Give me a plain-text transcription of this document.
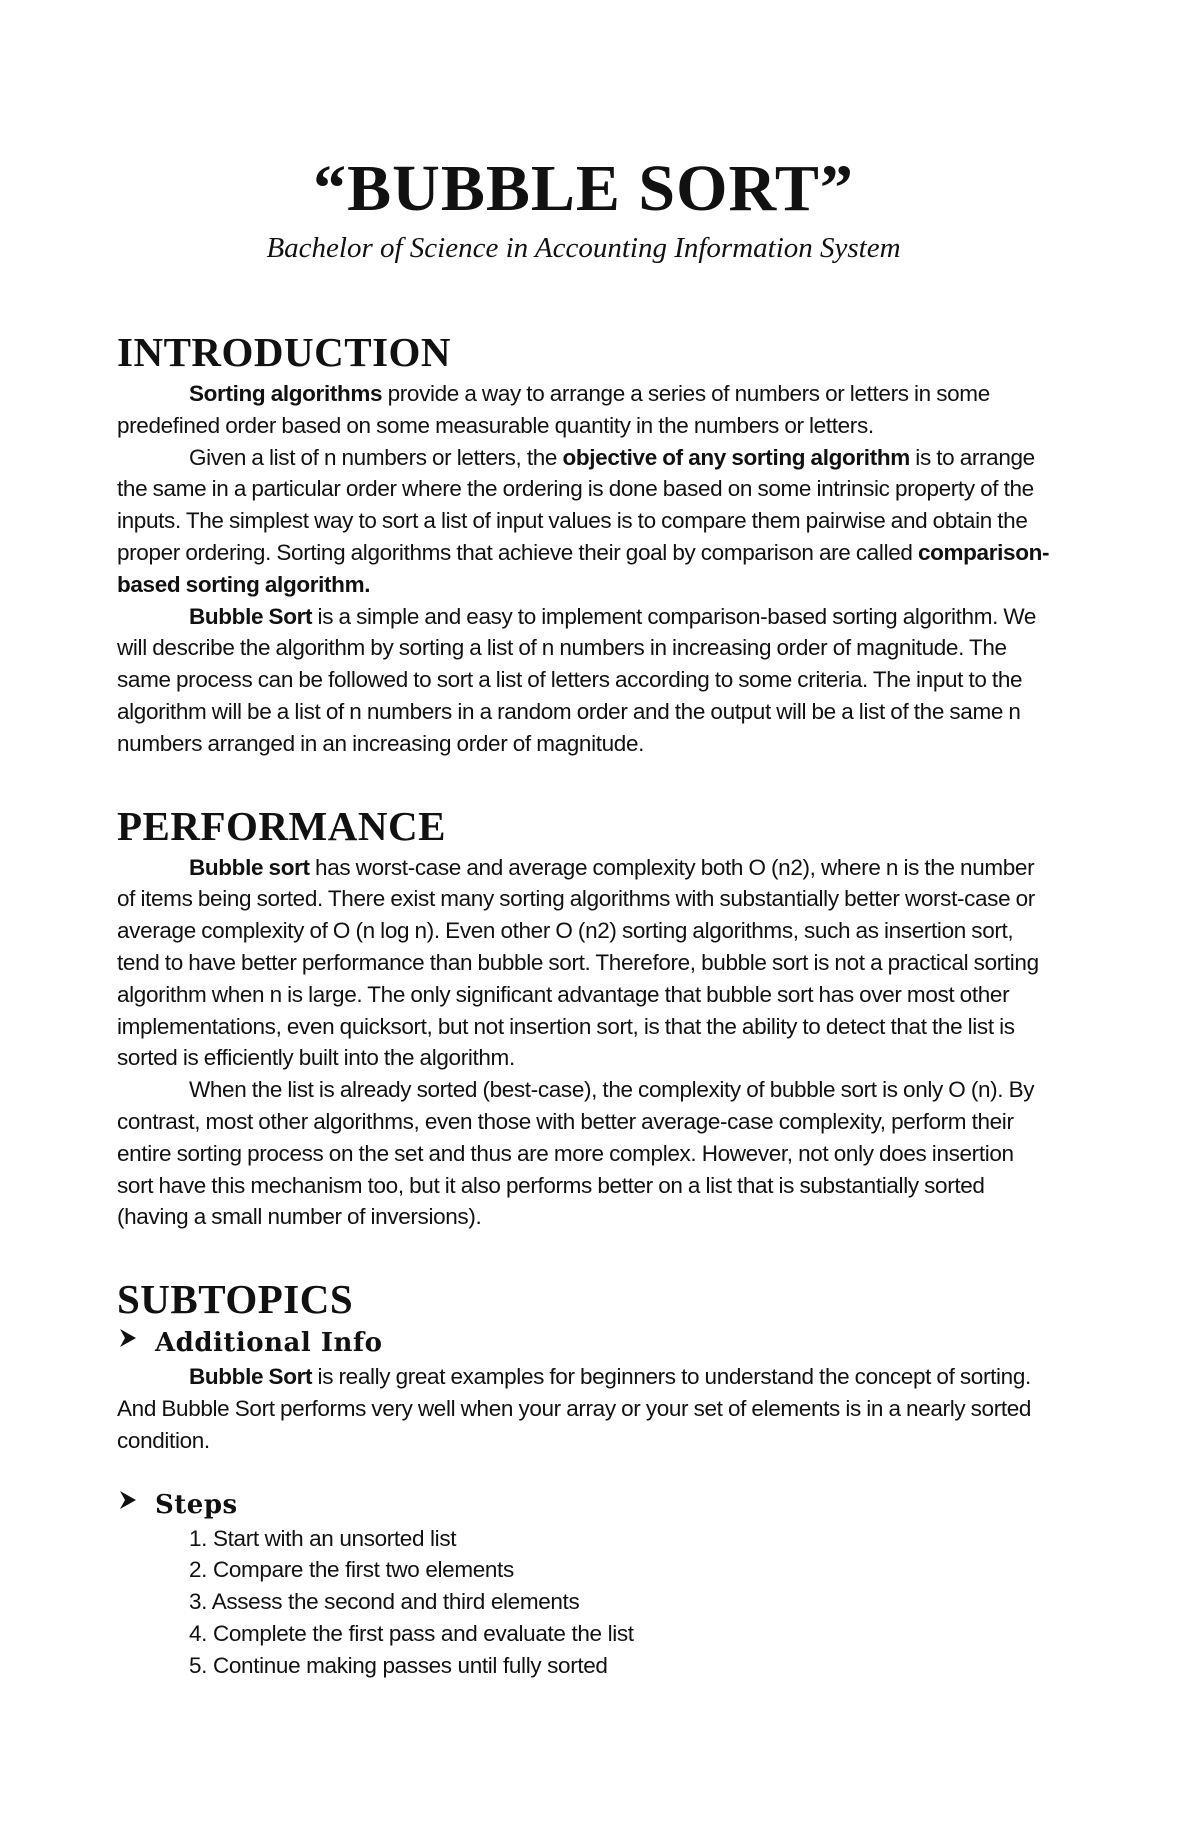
“BUBBLE SORT”

Bachelor of Science in Accounting Information System

INTRODUCTION

Sorting algorithms provide a way to arrange a series of numbers or letters in some predefined order based on some measurable quantity in the numbers or letters.

Given a list of n numbers or letters, the objective of any sorting algorithm is to arrange the same in a particular order where the ordering is done based on some intrinsic property of the inputs. The simplest way to sort a list of input values is to compare them pairwise and obtain the proper ordering. Sorting algorithms that achieve their goal by comparison are called comparison-based sorting algorithm.

Bubble Sort is a simple and easy to implement comparison-based sorting algorithm. We will describe the algorithm by sorting a list of n numbers in increasing order of magnitude. The same process can be followed to sort a list of letters according to some criteria. The input to the algorithm will be a list of n numbers in a random order and the output will be a list of the same n numbers arranged in an increasing order of magnitude.

PERFORMANCE

Bubble sort has worst-case and average complexity both O (n2), where n is the number of items being sorted. There exist many sorting algorithms with substantially better worst-case or average complexity of O (n log n). Even other O (n2) sorting algorithms, such as insertion sort, tend to have better performance than bubble sort. Therefore, bubble sort is not a practical sorting algorithm when n is large. The only significant advantage that bubble sort has over most other implementations, even quicksort, but not insertion sort, is that the ability to detect that the list is sorted is efficiently built into the algorithm.

When the list is already sorted (best-case), the complexity of bubble sort is only O (n). By contrast, most other algorithms, even those with better average-case complexity, perform their entire sorting process on the set and thus are more complex. However, not only does insertion sort have this mechanism too, but it also performs better on a list that is substantially sorted (having a small number of inversions).

SUBTOPICS
Additional Info

Bubble Sort is really great examples for beginners to understand the concept of sorting. And Bubble Sort performs very well when your array or your set of elements is in a nearly sorted condition.

Steps
1. Start with an unsorted list
2. Compare the first two elements
3. Assess the second and third elements
4. Complete the first pass and evaluate the list
5. Continue making passes until fully sorted
